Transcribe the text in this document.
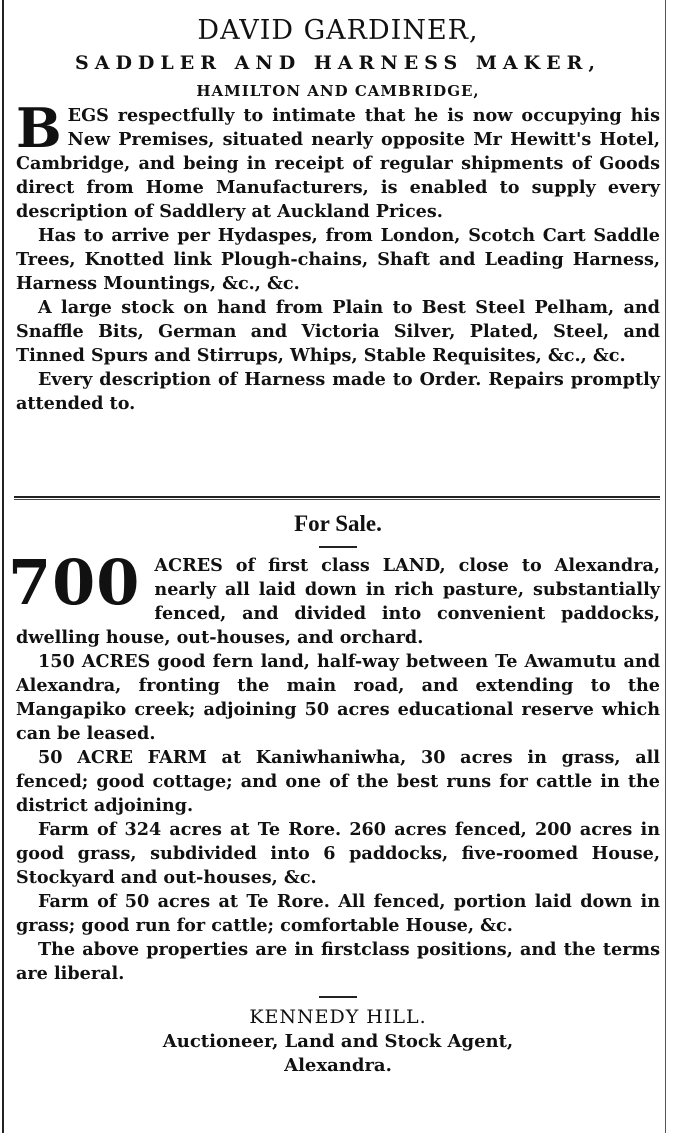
DAVID GARDINER,
SADDLER AND HARNESS MAKER,
HAMILTON AND CAMBRIDGE,

BEGS respectfully to intimate that he is now occupying his New Premises, situated nearly opposite Mr Hewitt's Hotel, Cambridge, and being in receipt of regular shipments of Goods direct from Home Manufacturers, is enabled to supply every description of Saddlery at Auckland Prices.

Has to arrive per Hydaspes, from London, Scotch Cart Saddle Trees, Knotted link Plough-chains, Shaft and Leading Harness, Harness Mountings, &c., &c.

A large stock on hand from Plain to Best Steel Pelham, and Snaffle Bits, German and Victoria Silver, Plated, Steel, and Tinned Spurs and Stirrups, Whips, Stable Requisites, &c., &c.

Every description of Harness made to Order. Repairs promptly attended to.

For Sale.

700 ACRES of first class LAND, close to Alexandra, nearly all laid down in rich pasture, substantially fenced, and divided into convenient paddocks, dwelling house, out-houses, and orchard.

150 ACRES good fern land, half-way between Te Awamutu and Alexandra, fronting the main road, and extending to the Mangapiko creek; adjoining 50 acres educational reserve which can be leased.

50 ACRE FARM at Kaniwhaniwha, 30 acres in grass, all fenced; good cottage; and one of the best runs for cattle in the district adjoining.

Farm of 324 acres at Te Rore. 260 acres fenced, 200 acres in good grass, subdivided into 6 paddocks, five-roomed House, Stockyard and out-houses, &c.

Farm of 50 acres at Te Rore. All fenced, portion laid down in grass; good run for cattle; comfortable House, &c.

The above properties are in firstclass positions, and the terms are liberal.

KENNEDY HILL.
Auctioneer, Land and Stock Agent,
Alexandra.
